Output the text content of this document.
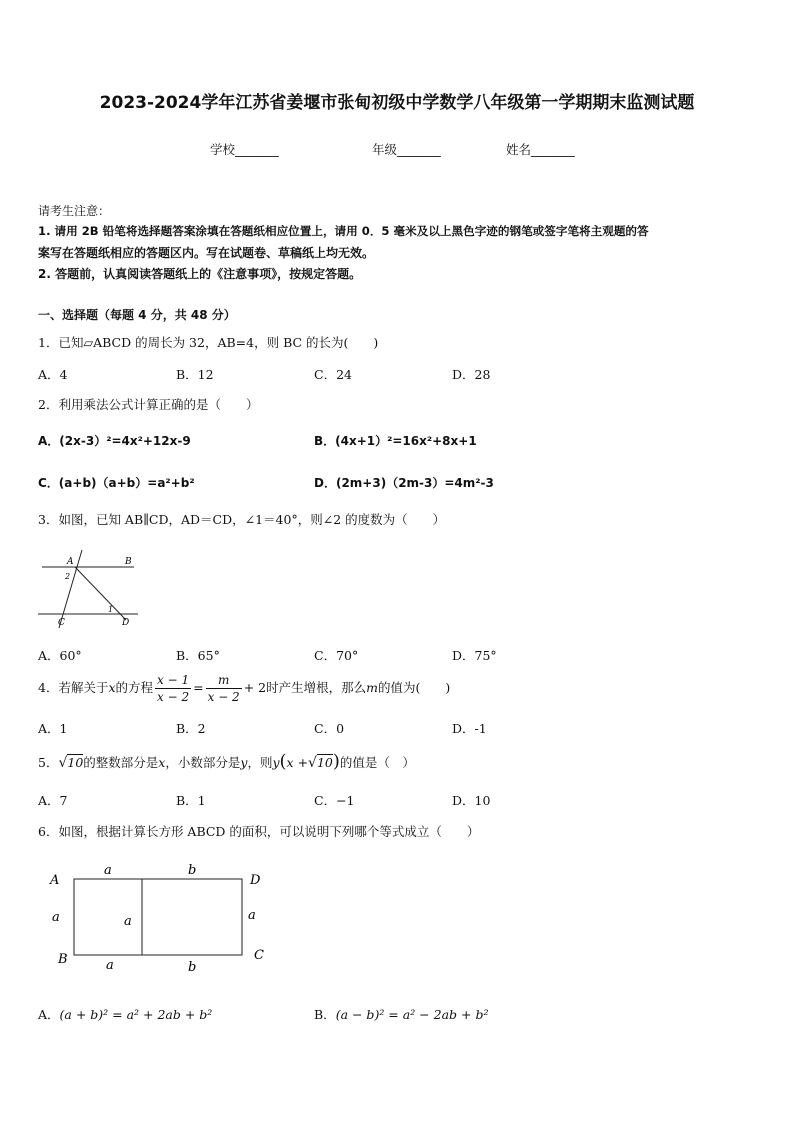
2023-2024学年江苏省姜堰市张甸初级中学数学八年级第一学期期末监测试题
学校_______	年级_______	姓名_______
请考生注意：
1. 请用 2B 铅笔将选择题答案涂填在答题纸相应位置上，请用 0．5 毫米及以上黑色字迹的钢笔或签字笔将主观题的答
案写在答题纸相应的答题区内。写在试题卷、草稿纸上均无效。
2. 答题前，认真阅读答题纸上的《注意事项》，按规定答题。
一、选择题（每题 4 分，共 48 分）
1．已知▱ABCD 的周长为 32，AB=4，则 BC 的长为(　　)
A．4	B．12	C．24	D．28
2．利用乘法公式计算正确的是（　　）
A．(2x-3）²=4x²+12x-9	B．(4x+1）²=16x²+8x+1
C．(a+b)（a+b）=a²+b²	D．(2m+3)（2m-3）=4m²-3
3．如图，已知 AB∥CD，AD＝CD，∠1＝40°，则∠2 的度数为（　　）
A	B
2
1
C	D
A．60°	B．65°	C．70°	D．75°
4．若解关于x的方程 $\frac{x - 1}{x - 2} = \frac{m}{x - 2} + 2$时产生增根，那么m的值为(　　)
A．1	B．2	C．0	D．-1
5．√10的整数部分是x，小数部分是y，则y(x +√10)的值是（　）
A．7	B．1	C．−1	D．10
6．如图，根据计算长方形 ABCD 的面积，可以说明下列哪个等式成立（　　）
A
a	b
D
a	a	a
B	a	b
C
A．(a + b)² = a² + 2ab + b²	B．(a − b)² = a² − 2ab + b²
